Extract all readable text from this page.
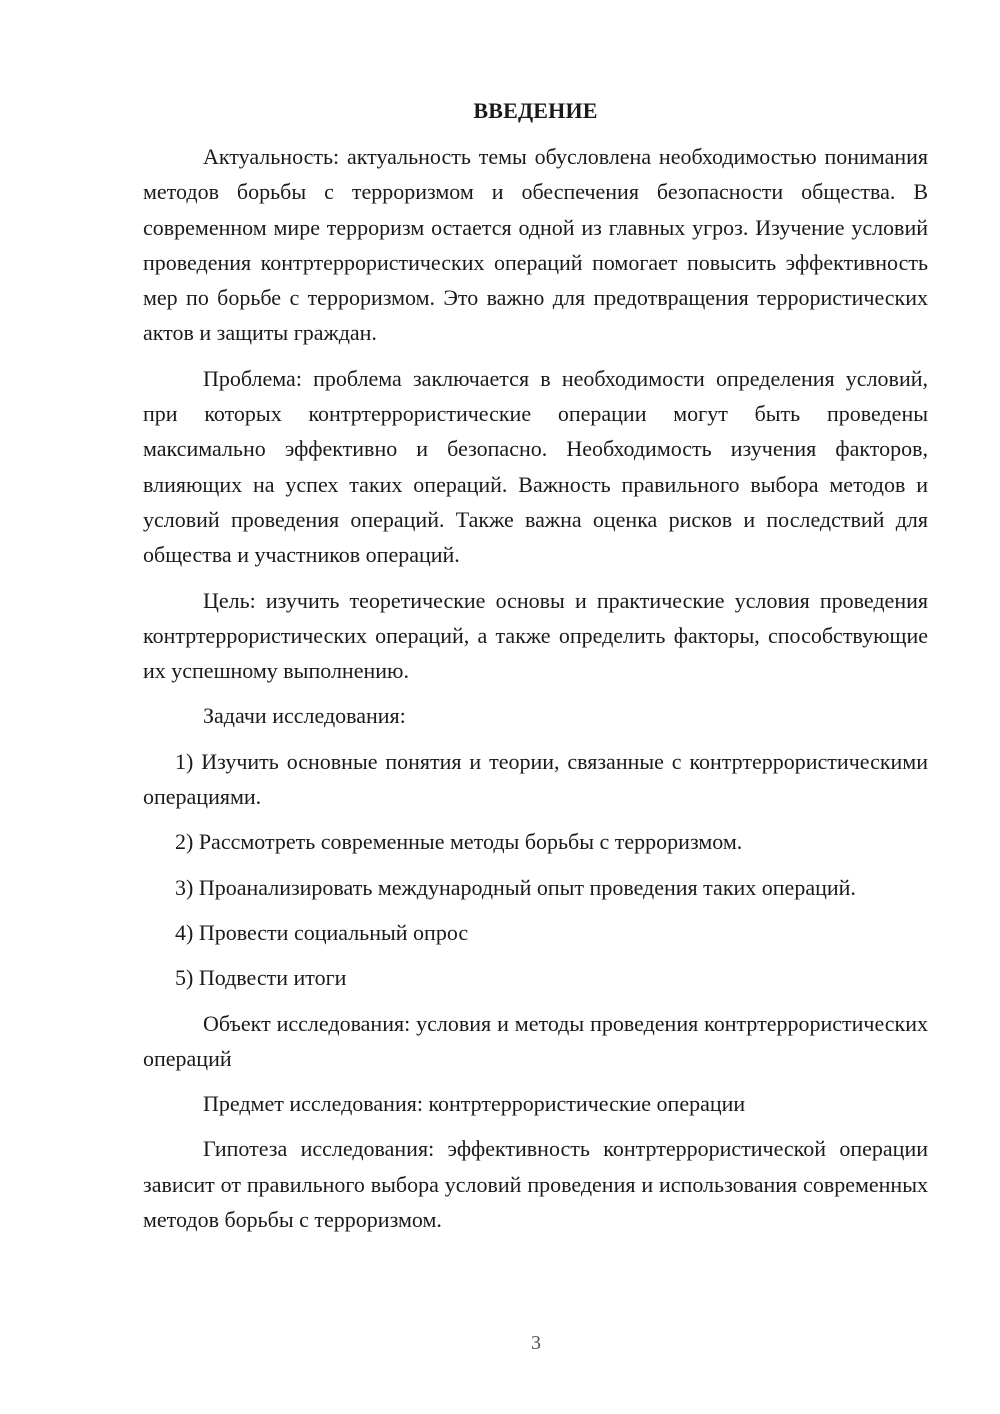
ВВЕДЕНИЕ

Актуальность: актуальность темы обусловлена необходимостью понимания методов борьбы с терроризмом и обеспечения безопасности общества. В современном мире терроризм остается одной из главных угроз. Изучение условий проведения контртеррористических операций помогает повысить эффективность мер по борьбе с терроризмом. Это важно для предотвращения террористических актов и защиты граждан.

Проблема: проблема заключается в необходимости определения условий, при которых контртеррористические операции могут быть проведены максимально эффективно и безопасно. Необходимость изучения факторов, влияющих на успех таких операций. Важность правильного выбора методов и условий проведения операций. Также важна оценка рисков и последствий для общества и участников операций.

Цель: изучить теоретические основы и практические условия проведения контртеррористических операций, а также определить факторы, способствующие их успешному выполнению.

Задачи исследования:

1) Изучить основные понятия и теории, связанные с контртеррористическими операциями.

2) Рассмотреть современные методы борьбы с терроризмом.

3) Проанализировать международный опыт проведения таких операций.

4) Провести социальный опрос

5) Подвести итоги

Объект исследования: условия и методы проведения контртеррористических операций

Предмет исследования: контртеррористические операции

Гипотеза исследования: эффективность контртеррористической операции зависит от правильного выбора условий проведения и использования современных методов борьбы с терроризмом.

3
